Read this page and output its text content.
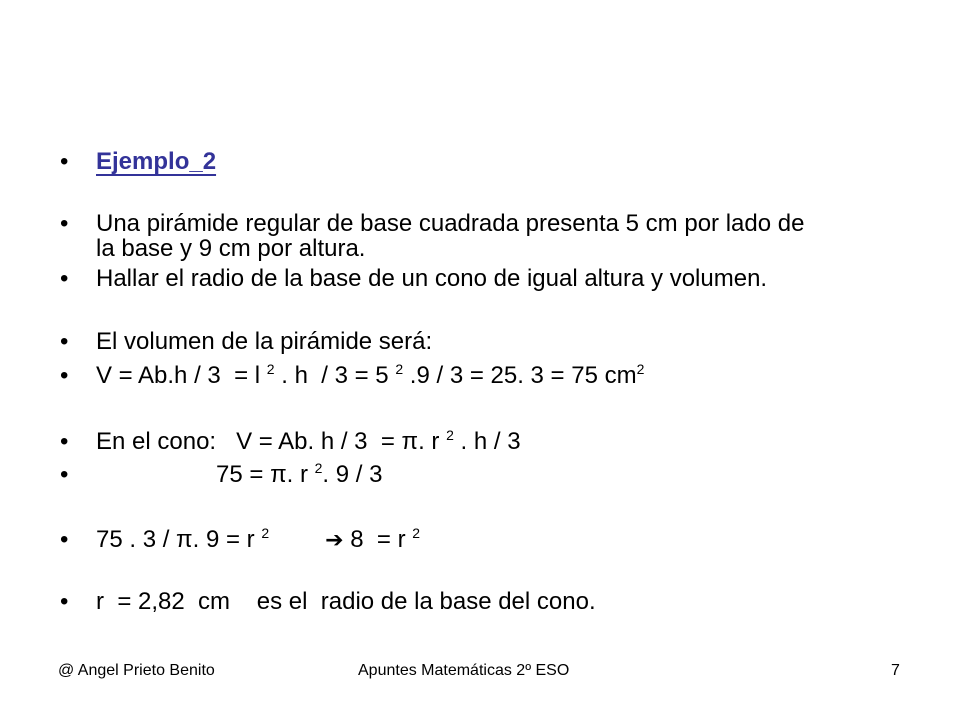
• Ejemplo_2
• Una pirámide regular de base cuadrada presenta 5 cm por lado de
la base y 9 cm por altura.
• Hallar el radio de la base de un cono de igual altura y volumen.
• El volumen de la pirámide será:
• V = Ab.h / 3  = l $^2$ . h  / 3 = 5 $^2$ .9 / 3 = 25. 3 = 75 $cm^2$
• En el cono:   V = Ab. h / 3  = π. r $^2$ . h / 3
• 75 = π. r $^2$. 9 / 3
• 75 . 3 / π. 9 = r $^2$	➔ 8  = r $^2$
• r  = 2,82  cm    es el  radio de la base del cono.
@ Angel Prieto Benito	Apuntes Matemáticas 2º ESO	7
